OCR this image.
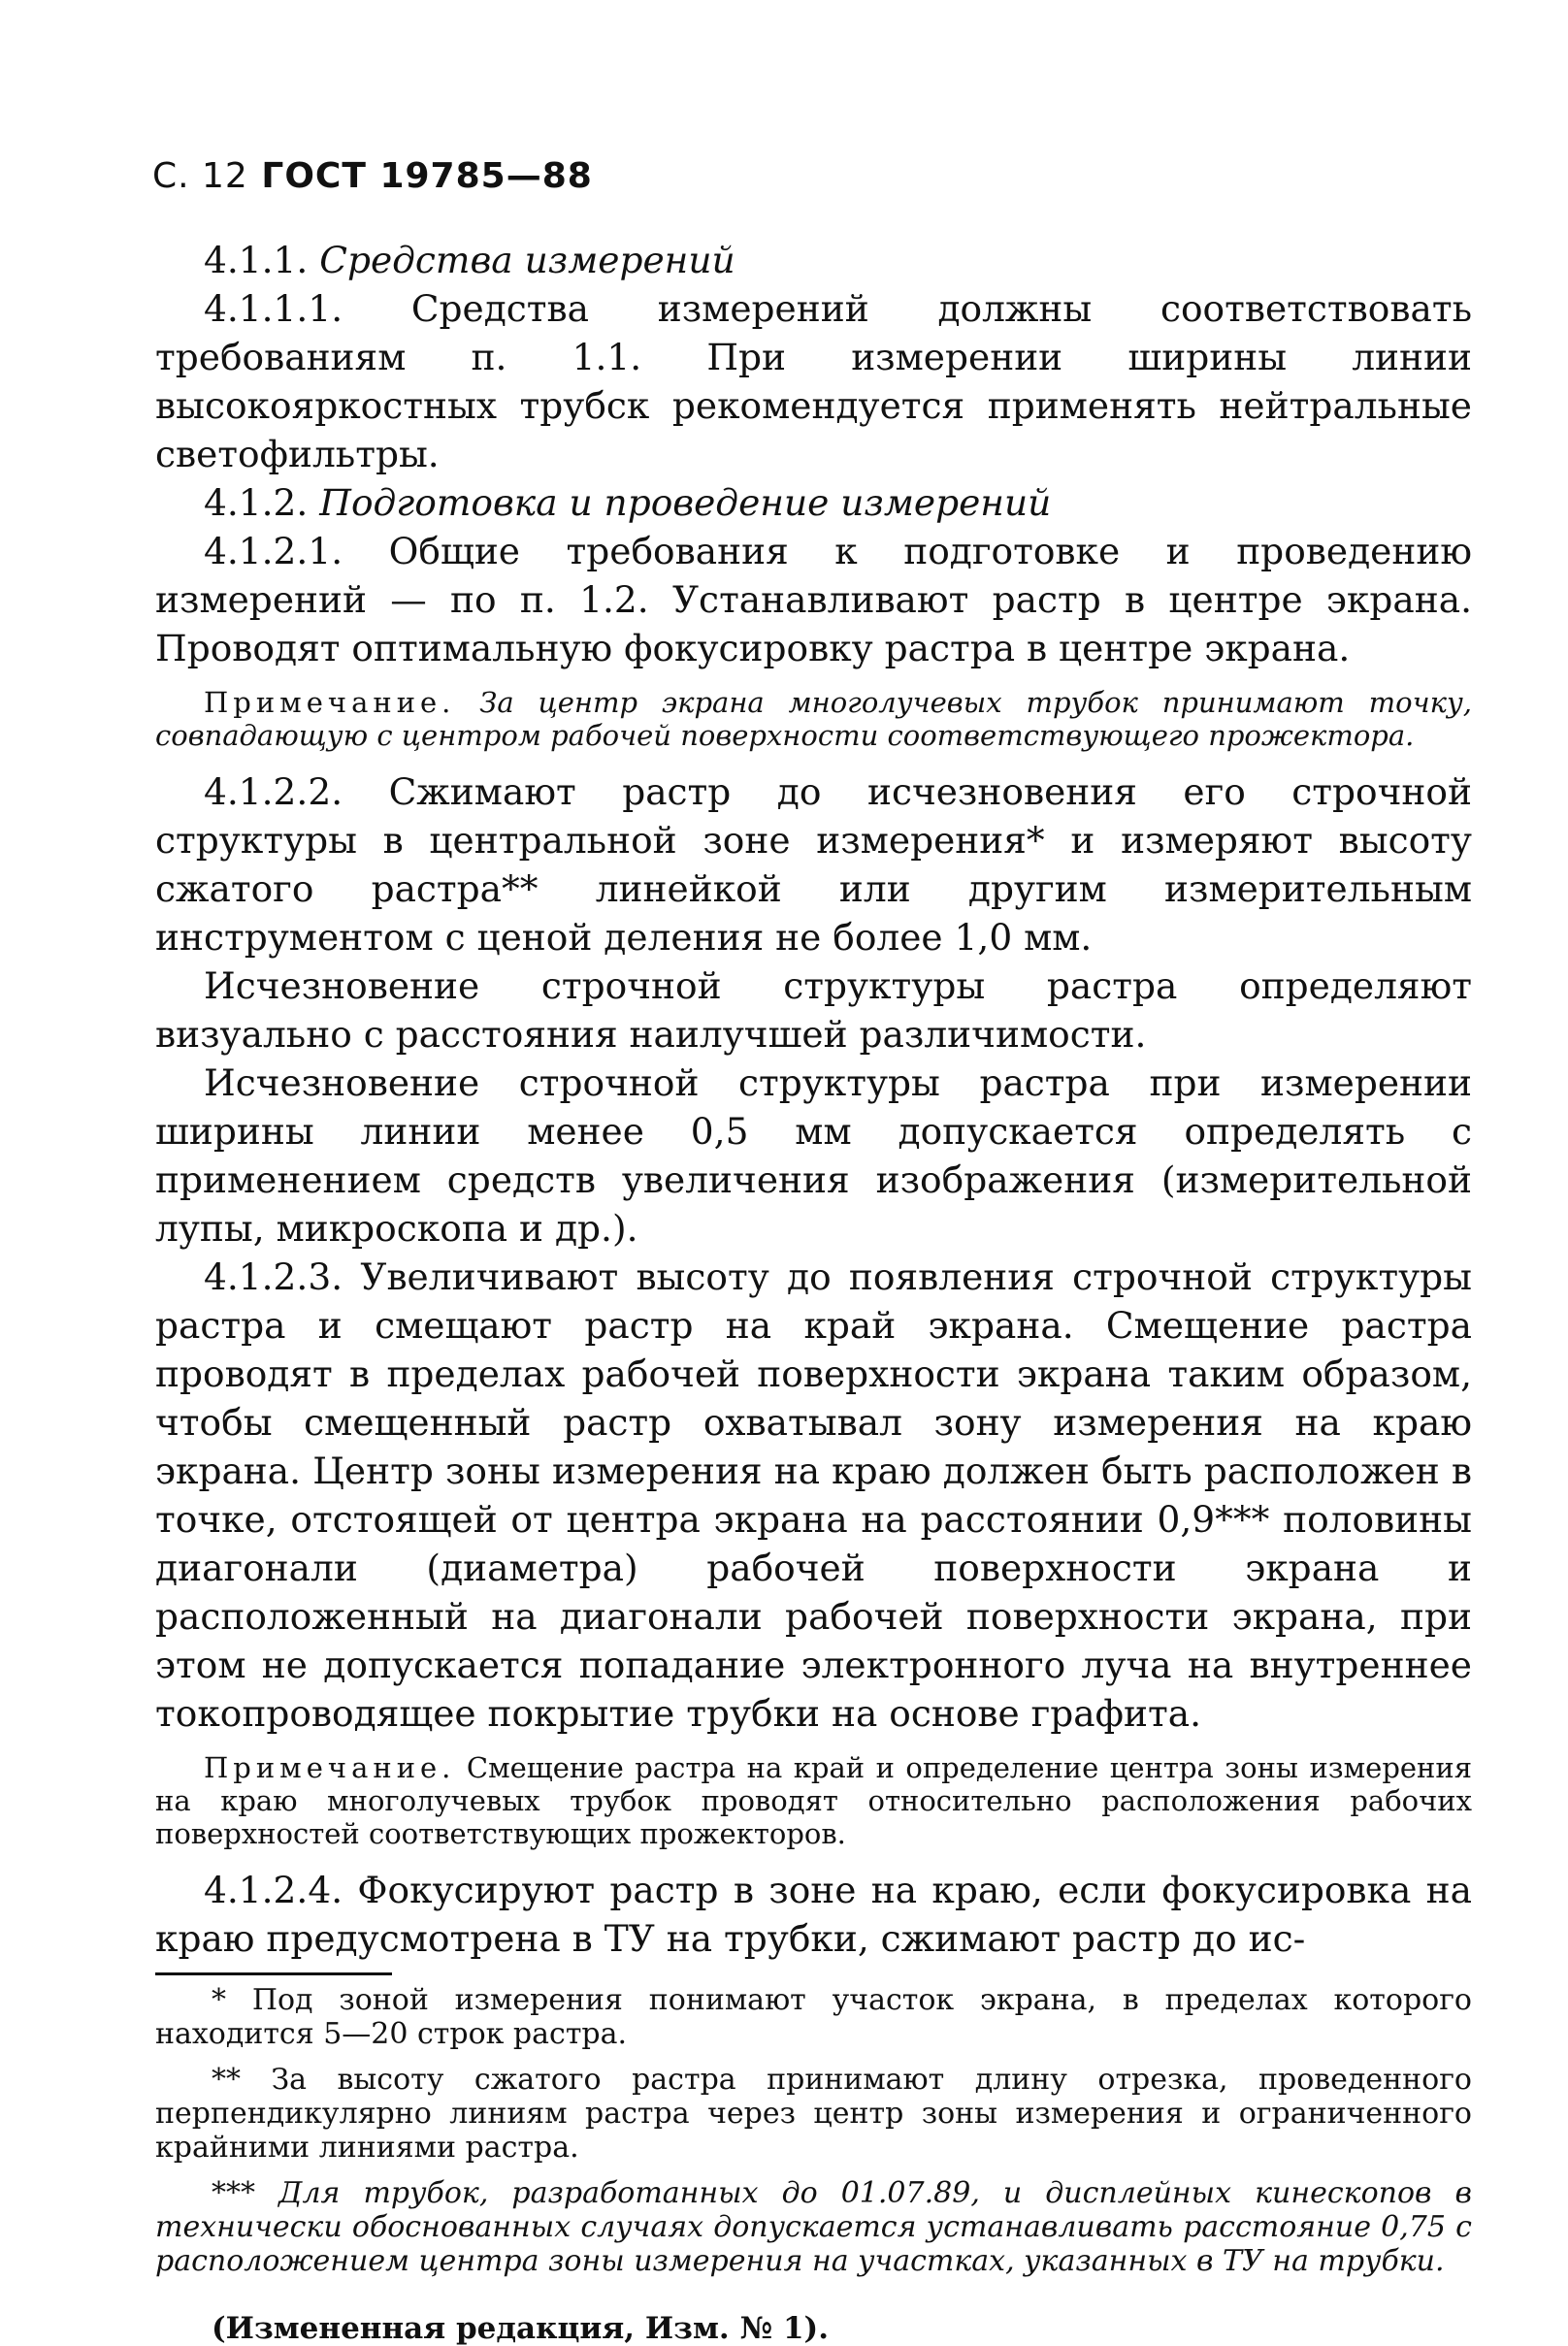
С. 12 ГОСТ 19785—88

4.1.1. Средства измерений

4.1.1.1. Средства измерений должны соответствовать требованиям п. 1.1. При измерении ширины линии высокояркостных трубск рекомендуется применять нейтральные светофильтры.

4.1.2. Подготовка и проведение измерений

4.1.2.1. Общие требования к подготовке и проведению измерений — по п. 1.2. Устанавливают растр в центре экрана. Проводят оптимальную фокусировку растра в центре экрана.

Примечание. За центр экрана многолучевых трубок принимают точку, совпадающую с центром рабочей поверхности соответствующего прожектора.

4.1.2.2. Сжимают растр до исчезновения его строчной структуры в центральной зоне измерения* и измеряют высоту сжатого растра** линейкой или другим измерительным инструментом с ценой деления не более 1,0 мм.

Исчезновение строчной структуры растра определяют визуально с расстояния наилучшей различимости.

Исчезновение строчной структуры растра при измерении ширины линии менее 0,5 мм допускается определять с применением средств увеличения изображения (измерительной лупы, микроскопа и др.).

4.1.2.3. Увеличивают высоту до появления строчной структуры растра и смещают растр на край экрана. Смещение растра проводят в пределах рабочей поверхности экрана таким образом, чтобы смещенный растр охватывал зону измерения на краю экрана. Центр зоны измерения на краю должен быть расположен в точке, отстоящей от центра экрана на расстоянии 0,9*** половины диагонали (диаметра) рабочей поверхности экрана и расположенный на диагонали рабочей поверхности экрана, при этом не допускается попадание электронного луча на внутреннее токопроводящее покрытие трубки на основе графита.

Примечание. Смещение растра на край и определение центра зоны измерения на краю многолучевых трубок проводят относительно расположения рабочих поверхностей соответствующих прожекторов.

4.1.2.4. Фокусируют растр в зоне на краю, если фокусировка на краю предусмотрена в ТУ на трубки, сжимают растр до ис-

* Под зоной измерения понимают участок экрана, в пределах которого находится 5—20 строк растра.

** За высоту сжатого растра принимают длину отрезка, проведенного перпендикулярно линиям растра через центр зоны измерения и ограниченного крайними линиями растра.

*** Для трубок, разработанных до 01.07.89, и дисплейных кинескопов в технически обоснованных случаях допускается устанавливать расстояние 0,75 с расположением центра зоны измерения на участках, указанных в ТУ на трубки.

(Измененная редакция, Изм. № 1).
